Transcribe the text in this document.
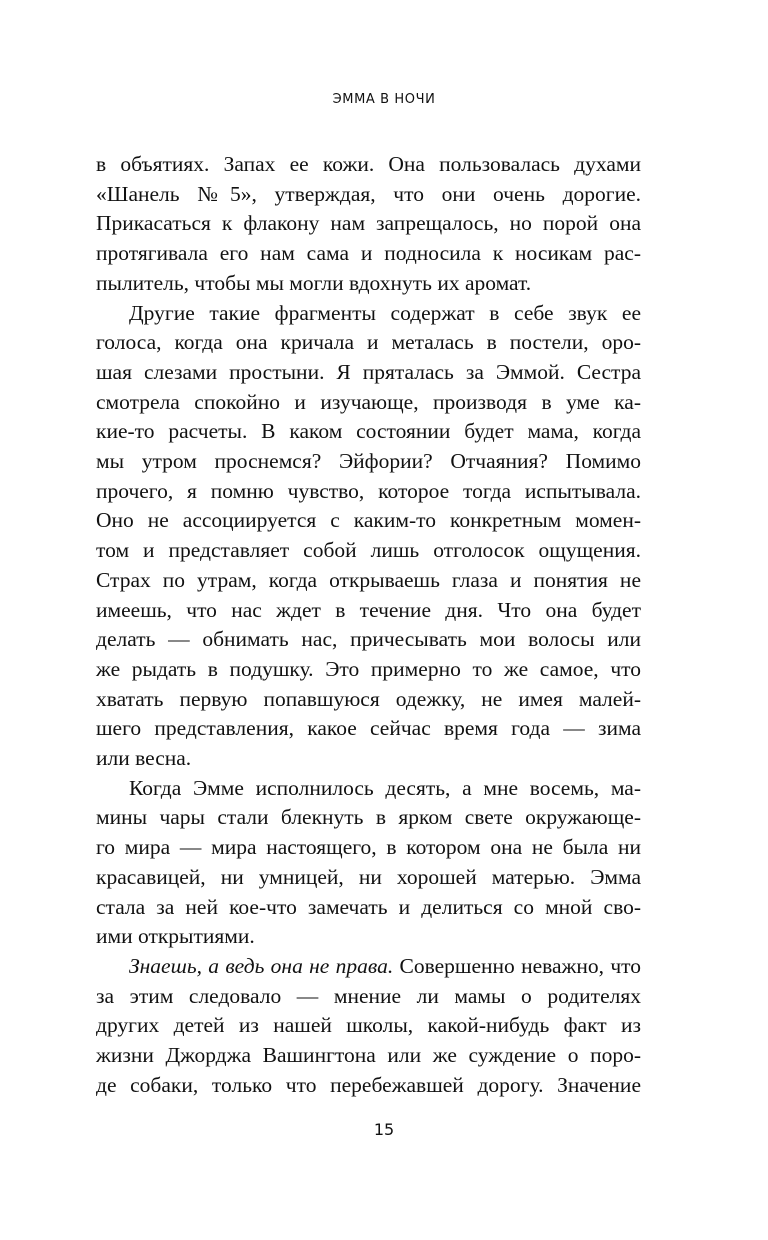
ЭММА В НОЧИ
в объятиях. Запах ее кожи. Она пользовалась духами
«Шанель №5», утверждая, что они очень дорогие.
Прикасаться к флакону нам запрещалось, но порой она
протягивала его нам сама и подносила к носикам рас-
пылитель, чтобы мы могли вдохнуть их аромат.
Другие такие фрагменты содержат в себе звук ее
голоса, когда она кричала и металась в постели, оро-
шая слезами простыни. Я пряталась за Эммой. Сестра
смотрела спокойно и изучающе, производя в уме ка-
кие-то расчеты. В каком состоянии будет мама, когда
мы утром проснемся? Эйфории? Отчаяния? Помимо
прочего, я помню чувство, которое тогда испытывала.
Оно не ассоциируется с каким-то конкретным момен-
том и представляет собой лишь отголосок ощущения.
Страх по утрам, когда открываешь глаза и понятия не
имеешь, что нас ждет в течение дня. Что она будет
делать — обнимать нас, причесывать мои волосы или
же рыдать в подушку. Это примерно то же самое, что
хватать первую попавшуюся одежку, не имея малей-
шего представления, какое сейчас время года — зима
или весна.
Когда Эмме исполнилось десять, а мне восемь, ма-
мины чары стали блекнуть в ярком свете окружающе-
го мира — мира настоящего, в котором она не была ни
красавицей, ни умницей, ни хорошей матерью. Эмма
стала за ней кое-что замечать и делиться со мной сво-
ими открытиями.
Знаешь, а ведь она не права. Совершенно неважно, что
за этим следовало — мнение ли мамы о родителях
других детей из нашей школы, какой-нибудь факт из
жизни Джорджа Вашингтона или же суждение о поро-
де собаки, только что перебежавшей дорогу. Значение
15
